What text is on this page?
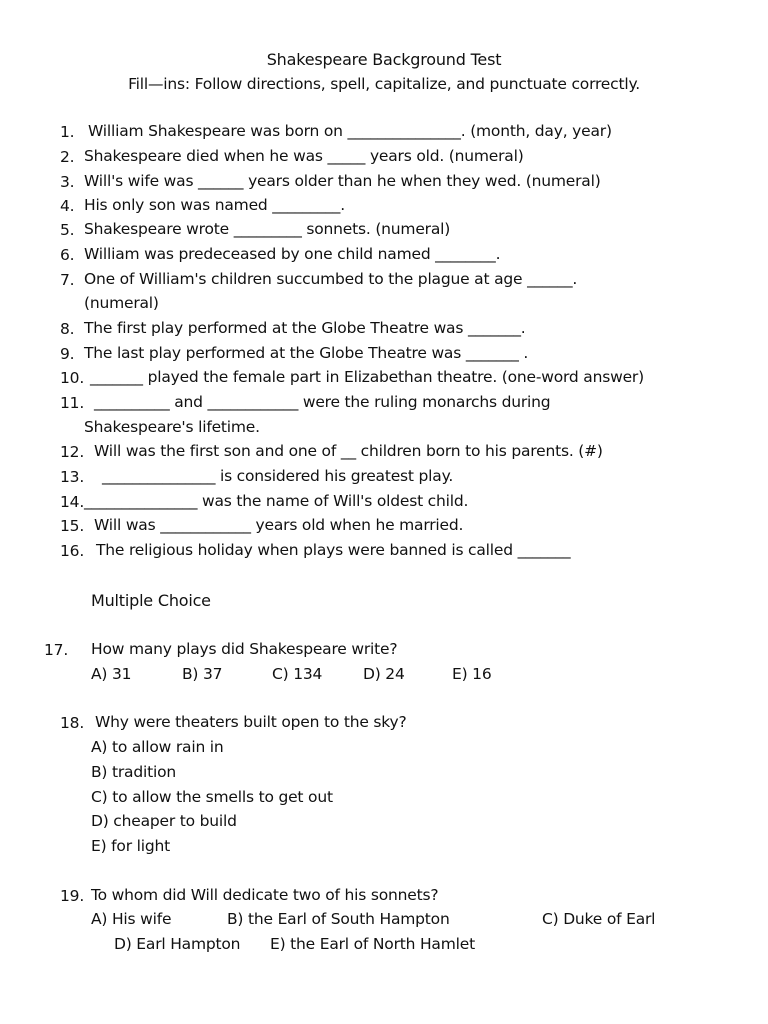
Shakespeare Background Test
Fill—ins: Follow directions, spell, capitalize, and punctuate correctly.
1. William Shakespeare was born on _______________. (month, day, year)
2. Shakespeare died when he was _____ years old. (numeral)
3. Will's wife was ______ years older than he when they wed. (numeral)
4. His only son was named _________.
5. Shakespeare wrote _________ sonnets. (numeral)
6. William was predeceased by one child named ________.
7. One of William's children succumbed to the plague at age ______.
(numeral)
8. The first play performed at the Globe Theatre was _______.
9. The last play performed at the Globe Theatre was _______ .
10. _______ played the female part in Elizabethan theatre. (one-word answer)
11. __________ and ____________ were the ruling monarchs during
Shakespeare's lifetime.
12. Will was the first son and one of __ children born to his parents. (#)
13. _______________ is considered his greatest play.
14. _______________ was the name of Will's oldest child.
15. Will was ____________ years old when he married.
16. The religious holiday when plays were banned is called _______
Multiple Choice
17. How many plays did Shakespeare write?
A) 31	B) 37	C) 134	D) 24	E) 16
18. Why were theaters built open to the sky?
A) to allow rain in
B) tradition
C) to allow the smells to get out
D) cheaper to build
E) for light
19. To whom did Will dedicate two of his sonnets?
A) His wife	B) the Earl of South Hampton	C) Duke of Earl
D) Earl Hampton E) the Earl of North Hamlet
